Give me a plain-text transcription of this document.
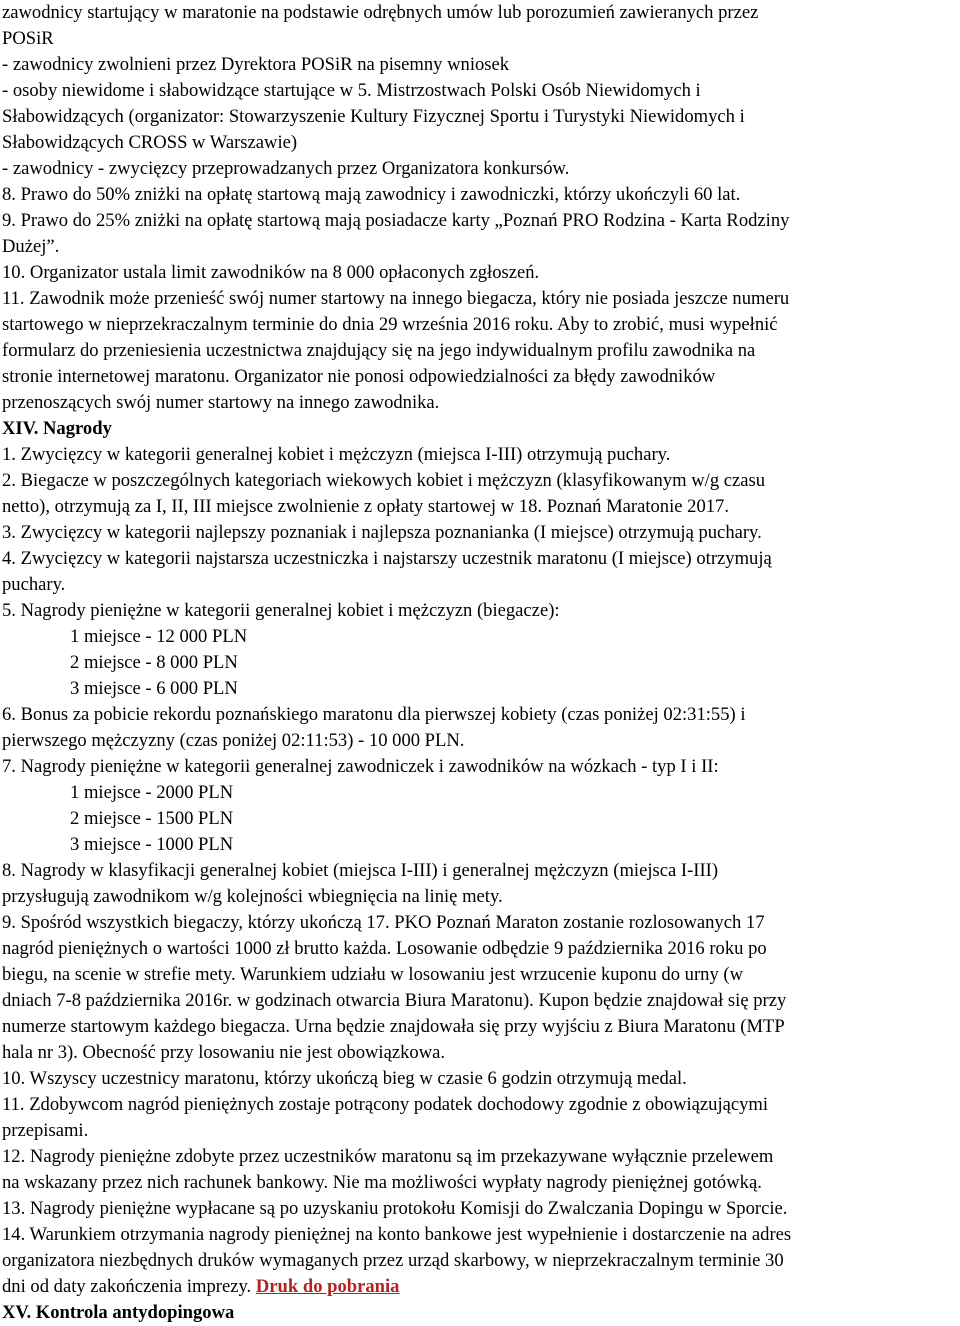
zawodnicy startujący w maratonie na podstawie odrębnych umów lub porozumień zawieranych przez
POSiR
- zawodnicy zwolnieni przez Dyrektora POSiR na pisemny wniosek
- osoby niewidome i słabowidzące startujące w 5. Mistrzostwach Polski Osób Niewidomych i
Słabowidzących (organizator: Stowarzyszenie Kultury Fizycznej Sportu i Turystyki Niewidomych i
Słabowidzących CROSS w Warszawie)
- zawodnicy - zwycięzcy przeprowadzanych przez Organizatora konkursów.
8. Prawo do 50% zniżki na opłatę startową mają zawodnicy i zawodniczki, którzy ukończyli 60 lat.
9. Prawo do 25% zniżki na opłatę startową mają posiadacze karty „Poznań PRO Rodzina - Karta Rodziny
Dużej”.
10. Organizator ustala limit zawodników na 8 000 opłaconych zgłoszeń.
11. Zawodnik może przenieść swój numer startowy na innego biegacza, który nie posiada jeszcze numeru
startowego w nieprzekraczalnym terminie do dnia 29 września 2016 roku. Aby to zrobić, musi wypełnić
formularz do przeniesienia uczestnictwa znajdujący się na jego indywidualnym profilu zawodnika na
stronie internetowej maratonu. Organizator nie ponosi odpowiedzialności za błędy zawodników
przenoszących swój numer startowy na innego zawodnika.
XIV. Nagrody
1. Zwycięzcy w kategorii generalnej kobiet i mężczyzn (miejsca I-III) otrzymują puchary.
2. Biegacze w poszczególnych kategoriach wiekowych kobiet i mężczyzn (klasyfikowanym w/g czasu
netto), otrzymują za I, II, III miejsce zwolnienie z opłaty startowej w 18. Poznań Maratonie 2017.
3. Zwycięzcy w kategorii najlepszy poznaniak i najlepsza poznanianka (I miejsce) otrzymują puchary.
4. Zwycięzcy w kategorii najstarsza uczestniczka i najstarszy uczestnik maratonu (I miejsce) otrzymują
puchary.
5. Nagrody pieniężne w kategorii generalnej kobiet i mężczyzn (biegacze):
1 miejsce - 12 000 PLN
2 miejsce - 8 000 PLN
3 miejsce - 6 000 PLN
6. Bonus za pobicie rekordu poznańskiego maratonu dla pierwszej kobiety (czas poniżej 02:31:55) i
pierwszego mężczyzny (czas poniżej 02:11:53) - 10 000 PLN.
7. Nagrody pieniężne w kategorii generalnej zawodniczek i zawodników na wózkach - typ I i II:
1 miejsce - 2000 PLN
2 miejsce - 1500 PLN
3 miejsce - 1000 PLN
8. Nagrody w klasyfikacji generalnej kobiet (miejsca I-III) i generalnej mężczyzn (miejsca I-III)
przysługują zawodnikom w/g kolejności wbiegnięcia na linię mety.
9. Spośród wszystkich biegaczy, którzy ukończą 17. PKO Poznań Maraton zostanie rozlosowanych 17
nagród pieniężnych o wartości 1000 zł brutto każda. Losowanie odbędzie 9 października 2016 roku po
biegu, na scenie w strefie mety. Warunkiem udziału w losowaniu jest wrzucenie kuponu do urny (w
dniach 7-8 października 2016r. w godzinach otwarcia Biura Maratonu). Kupon będzie znajdował się przy
numerze startowym każdego biegacza. Urna będzie znajdowała się przy wyjściu z Biura Maratonu (MTP
hala nr 3). Obecność przy losowaniu nie jest obowiązkowa.
10. Wszyscy uczestnicy maratonu, którzy ukończą bieg w czasie 6 godzin otrzymują medal.
11. Zdobywcom nagród pieniężnych zostaje potrącony podatek dochodowy zgodnie z obowiązującymi
przepisami.
12. Nagrody pieniężne zdobyte przez uczestników maratonu są im przekazywane wyłącznie przelewem
na wskazany przez nich rachunek bankowy. Nie ma możliwości wypłaty nagrody pieniężnej gotówką.
13. Nagrody pieniężne wypłacane są po uzyskaniu protokołu Komisji do Zwalczania Dopingu w Sporcie.
14. Warunkiem otrzymania nagrody pieniężnej na konto bankowe jest wypełnienie i dostarczenie na adres
organizatora niezbędnych druków wymaganych przez urząd skarbowy, w nieprzekraczalnym terminie 30
dni od daty zakończenia imprezy. Druk do pobrania
XV. Kontrola antydopingowa
